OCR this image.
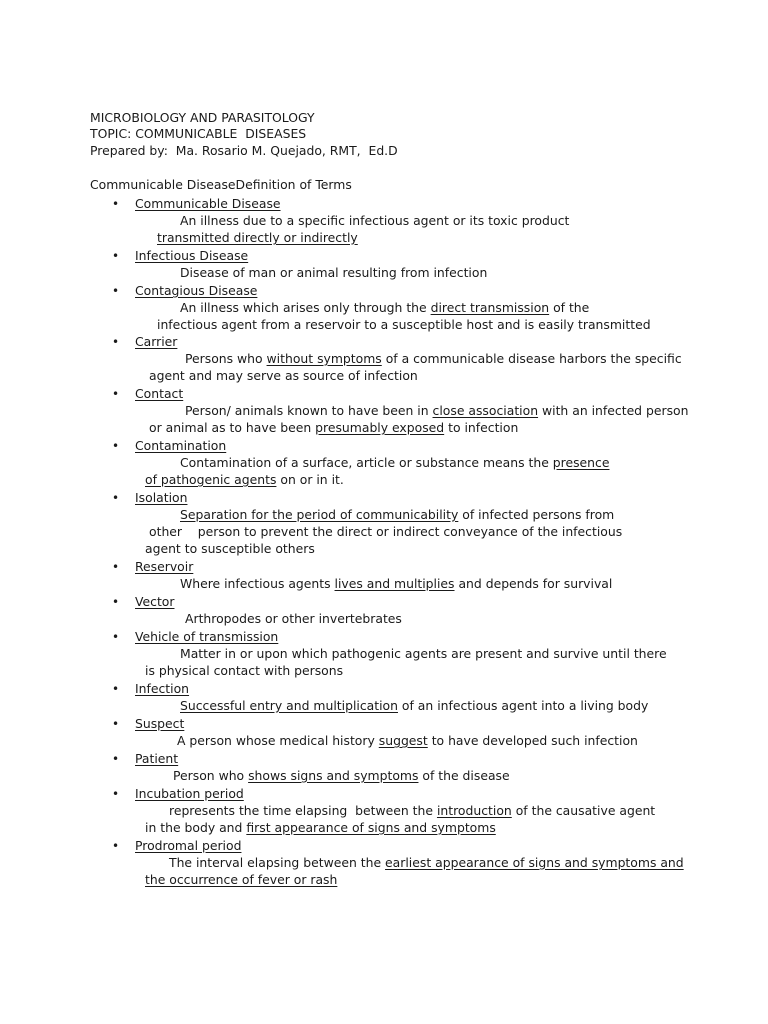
MICROBIOLOGY AND PARASITOLOGY
TOPIC: COMMUNICABLE  DISEASES
Prepared by:  Ma. Rosario M. Quejado, RMT,  Ed.D
Communicable DiseaseDefinition of Terms
• Communicable Disease
An illness due to a specific infectious agent or its toxic product
transmitted directly or indirectly
• Infectious Disease
Disease of man or animal resulting from infection
• Contagious Disease
An illness which arises only through the direct transmission of the
infectious agent from a reservoir to a susceptible host and is easily transmitted
• Carrier
Persons who without symptoms of a communicable disease harbors the specific
agent and may serve as source of infection
• Contact
Person/ animals known to have been in close association with an infected person
or animal as to have been presumably exposed to infection
• Contamination
Contamination of a surface, article or substance means the presence
of pathogenic agents on or in it.
• Isolation
Separation for the period of communicability of infected persons from
other    person to prevent the direct or indirect conveyance of the infectious
agent to susceptible others
• Reservoir
Where infectious agents lives and multiplies and depends for survival
• Vector
Arthropodes or other invertebrates
• Vehicle of transmission
Matter in or upon which pathogenic agents are present and survive until there
is physical contact with persons
• Infection
Successful entry and multiplication of an infectious agent into a living body
• Suspect
A person whose medical history suggest to have developed such infection
• Patient
Person who shows signs and symptoms of the disease
• Incubation period
represents the time elapsing  between the introduction of the causative agent
in the body and first appearance of signs and symptoms
• Prodromal period
The interval elapsing between the earliest appearance of signs and symptoms and
the occurrence of fever or rash
